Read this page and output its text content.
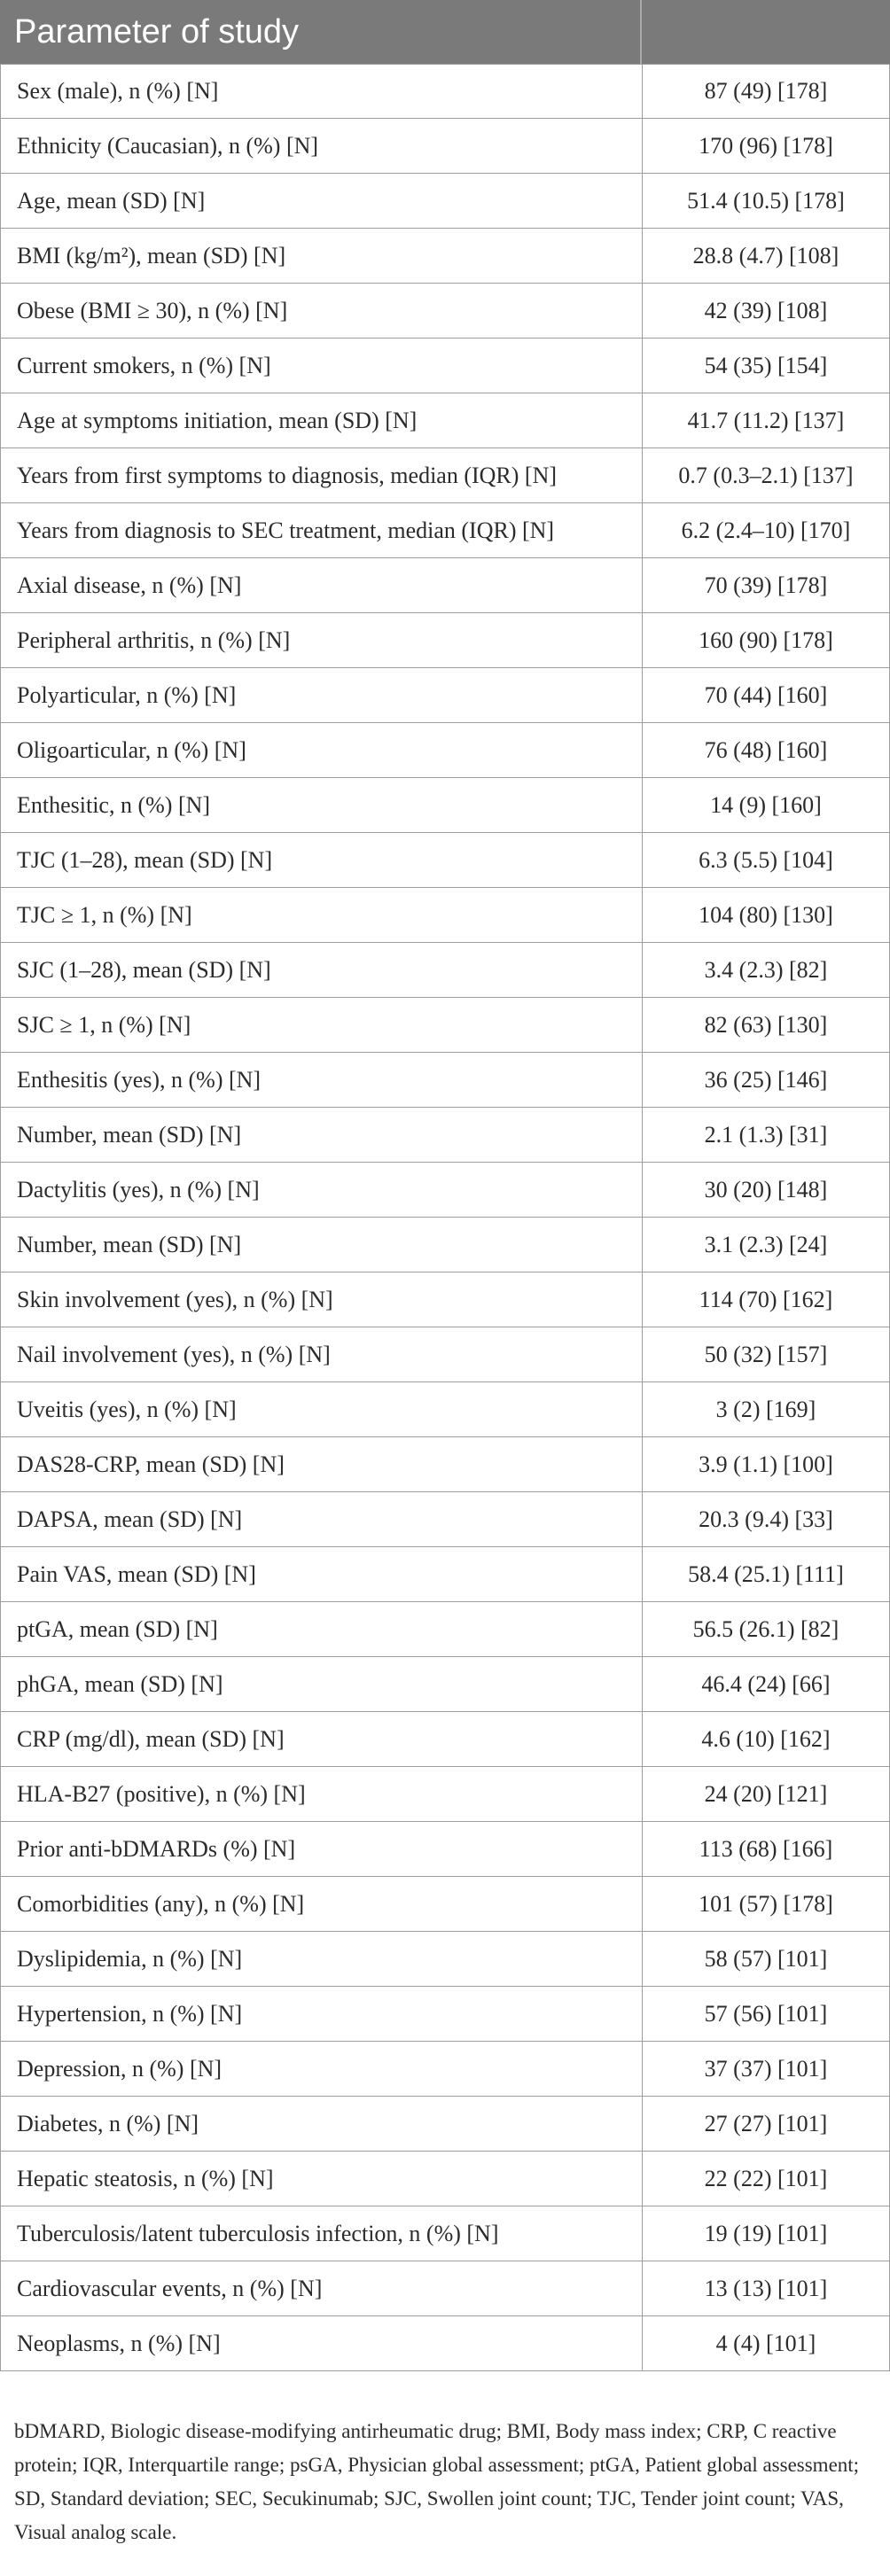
Parameter of study
Sex (male), n (%) [N]	87 (49) [178]
Ethnicity (Caucasian), n (%) [N]	170 (96) [178]
Age, mean (SD) [N]	51.4 (10.5) [178]
BMI (kg/m²), mean (SD) [N]	28.8 (4.7) [108]
Obese (BMI ≥ 30), n (%) [N]	42 (39) [108]
Current smokers, n (%) [N]	54 (35) [154]
Age at symptoms initiation, mean (SD) [N]	41.7 (11.2) [137]
Years from first symptoms to diagnosis, median (IQR) [N]	0.7 (0.3–2.1) [137]
Years from diagnosis to SEC treatment, median (IQR) [N]	6.2 (2.4–10) [170]
Axial disease, n (%) [N]	70 (39) [178]
Peripheral arthritis, n (%) [N]	160 (90) [178]
Polyarticular, n (%) [N]	70 (44) [160]
Oligoarticular, n (%) [N]	76 (48) [160]
Enthesitic, n (%) [N]	14 (9) [160]
TJC (1–28), mean (SD) [N]	6.3 (5.5) [104]
TJC ≥ 1, n (%) [N]	104 (80) [130]
SJC (1–28), mean (SD) [N]	3.4 (2.3) [82]
SJC ≥ 1, n (%) [N]	82 (63) [130]
Enthesitis (yes), n (%) [N]	36 (25) [146]
Number, mean (SD) [N]	2.1 (1.3) [31]
Dactylitis (yes), n (%) [N]	30 (20) [148]
Number, mean (SD) [N]	3.1 (2.3) [24]
Skin involvement (yes), n (%) [N]	114 (70) [162]
Nail involvement (yes), n (%) [N]	50 (32) [157]
Uveitis (yes), n (%) [N]	3 (2) [169]
DAS28-CRP, mean (SD) [N]	3.9 (1.1) [100]
DAPSA, mean (SD) [N]	20.3 (9.4) [33]
Pain VAS, mean (SD) [N]	58.4 (25.1) [111]
ptGA, mean (SD) [N]	56.5 (26.1) [82]
phGA, mean (SD) [N]	46.4 (24) [66]
CRP (mg/dl), mean (SD) [N]	4.6 (10) [162]
HLA-B27 (positive), n (%) [N]	24 (20) [121]
Prior anti-bDMARDs (%) [N]	113 (68) [166]
Comorbidities (any), n (%) [N]	101 (57) [178]
Dyslipidemia, n (%) [N]	58 (57) [101]
Hypertension, n (%) [N]	57 (56) [101]
Depression, n (%) [N]	37 (37) [101]
Diabetes, n (%) [N]	27 (27) [101]
Hepatic steatosis, n (%) [N]	22 (22) [101]
Tuberculosis/latent tuberculosis infection, n (%) [N]	19 (19) [101]
Cardiovascular events, n (%) [N]	13 (13) [101]
Neoplasms, n (%) [N]	4 (4) [101]
bDMARD, Biologic disease-modifying antirheumatic drug; BMI, Body mass index; CRP, C reactive protein; IQR, Interquartile range; psGA, Physician global assessment; ptGA, Patient global assessment; SD, Standard deviation; SEC, Secukinumab; SJC, Swollen joint count; TJC, Tender joint count; VAS, Visual analog scale.
